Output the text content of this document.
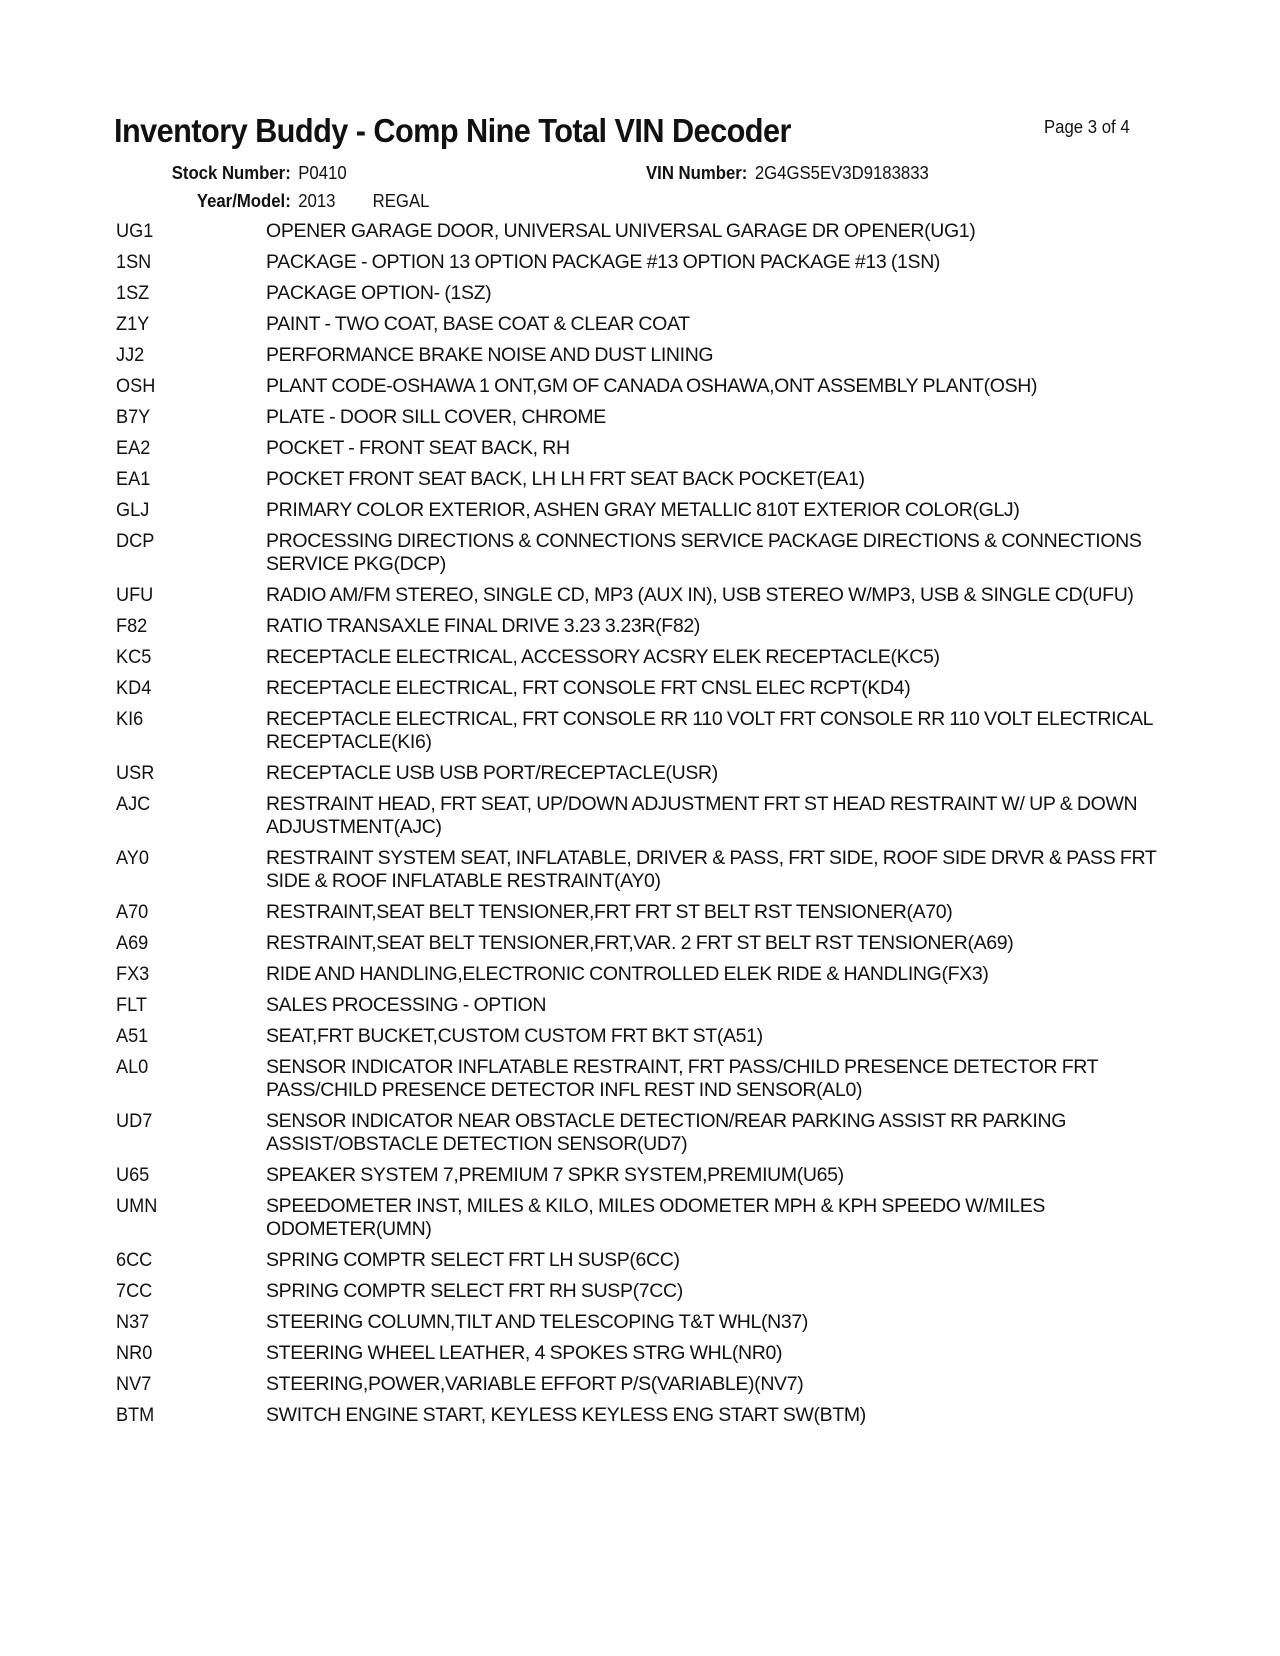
Inventory Buddy - Comp Nine Total VIN Decoder	Page 3 of 4
Stock Number: P0410	VIN Number: 2G4GS5EV3D9183833
Year/Model: 2013 REGAL
UG1	OPENER GARAGE DOOR, UNIVERSAL UNIVERSAL GARAGE DR OPENER(UG1)
1SN	PACKAGE - OPTION 13 OPTION PACKAGE #13 OPTION PACKAGE #13 (1SN)
1SZ	PACKAGE OPTION- (1SZ)
Z1Y	PAINT - TWO COAT, BASE COAT & CLEAR COAT
JJ2	PERFORMANCE BRAKE NOISE AND DUST LINING
OSH	PLANT CODE-OSHAWA 1 ONT,GM OF CANADA OSHAWA,ONT ASSEMBLY PLANT(OSH)
B7Y	PLATE - DOOR SILL COVER, CHROME
EA2	POCKET - FRONT SEAT BACK, RH
EA1	POCKET FRONT SEAT BACK, LH LH FRT SEAT BACK POCKET(EA1)
GLJ	PRIMARY COLOR EXTERIOR, ASHEN GRAY METALLIC 810T EXTERIOR COLOR(GLJ)
DCP	PROCESSING DIRECTIONS & CONNECTIONS SERVICE PACKAGE DIRECTIONS & CONNECTIONS SERVICE PKG(DCP)
UFU	RADIO AM/FM STEREO, SINGLE CD, MP3 (AUX IN), USB STEREO W/MP3, USB & SINGLE CD(UFU)
F82	RATIO TRANSAXLE FINAL DRIVE 3.23 3.23R(F82)
KC5	RECEPTACLE ELECTRICAL, ACCESSORY ACSRY ELEK RECEPTACLE(KC5)
KD4	RECEPTACLE ELECTRICAL, FRT CONSOLE FRT CNSL ELEC RCPT(KD4)
KI6	RECEPTACLE ELECTRICAL, FRT CONSOLE RR 110 VOLT FRT CONSOLE RR 110 VOLT ELECTRICAL RECEPTACLE(KI6)
USR	RECEPTACLE USB USB PORT/RECEPTACLE(USR)
AJC	RESTRAINT HEAD, FRT SEAT, UP/DOWN ADJUSTMENT FRT ST HEAD RESTRAINT W/ UP & DOWN ADJUSTMENT(AJC)
AY0	RESTRAINT SYSTEM SEAT, INFLATABLE, DRIVER & PASS, FRT SIDE, ROOF SIDE DRVR & PASS FRT SIDE & ROOF INFLATABLE RESTRAINT(AY0)
A70	RESTRAINT,SEAT BELT TENSIONER,FRT FRT ST BELT RST TENSIONER(A70)
A69	RESTRAINT,SEAT BELT TENSIONER,FRT,VAR. 2 FRT ST BELT RST TENSIONER(A69)
FX3	RIDE AND HANDLING,ELECTRONIC CONTROLLED ELEK RIDE & HANDLING(FX3)
FLT	SALES PROCESSING - OPTION
A51	SEAT,FRT BUCKET,CUSTOM CUSTOM FRT BKT ST(A51)
AL0	SENSOR INDICATOR INFLATABLE RESTRAINT, FRT PASS/CHILD PRESENCE DETECTOR FRT PASS/CHILD PRESENCE DETECTOR INFL REST IND SENSOR(AL0)
UD7	SENSOR INDICATOR NEAR OBSTACLE DETECTION/REAR PARKING ASSIST RR PARKING ASSIST/OBSTACLE DETECTION SENSOR(UD7)
U65	SPEAKER SYSTEM 7,PREMIUM 7 SPKR SYSTEM,PREMIUM(U65)
UMN	SPEEDOMETER INST, MILES & KILO, MILES ODOMETER MPH & KPH SPEEDO W/MILES ODOMETER(UMN)
6CC	SPRING COMPTR SELECT FRT LH SUSP(6CC)
7CC	SPRING COMPTR SELECT FRT RH SUSP(7CC)
N37	STEERING COLUMN,TILT AND TELESCOPING T&T WHL(N37)
NR0	STEERING WHEEL LEATHER, 4 SPOKES STRG WHL(NR0)
NV7	STEERING,POWER,VARIABLE EFFORT P/S(VARIABLE)(NV7)
BTM	SWITCH ENGINE START, KEYLESS KEYLESS ENG START SW(BTM)
